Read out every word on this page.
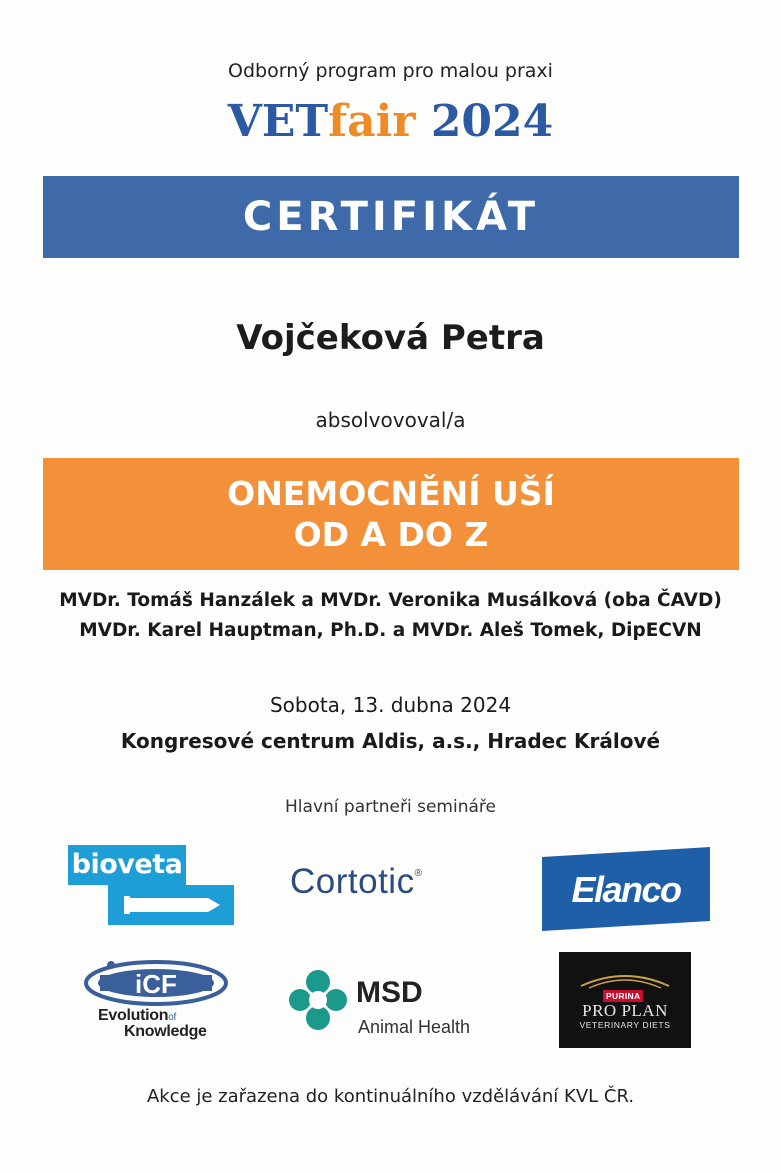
Odborný program pro malou praxi
VETfair 2024
CERTIFIKÁT
Vojčeková Petra
absolvovoval/a
ONEMOCNĚNÍ UŠÍ
OD A DO Z
MVDr. Tomáš Hanzálek a MVDr. Veronika Musálková (oba ČAVD)
MVDr. Karel Hauptman, Ph.D. a MVDr. Aleš Tomek, DipECVN
Sobota, 13. dubna 2024
Kongresové centrum Aldis, a.s., Hradec Králové
Hlavní partneři semináře
bioveta	Cortotic®	Elanco
iCF
Evolutionof
Knowledge
MSD
Animal Health
PURINA
PRO PLAN
VETERINARY DIETS
Akce je zařazena do kontinuálního vzdělávání KVL ČR.
